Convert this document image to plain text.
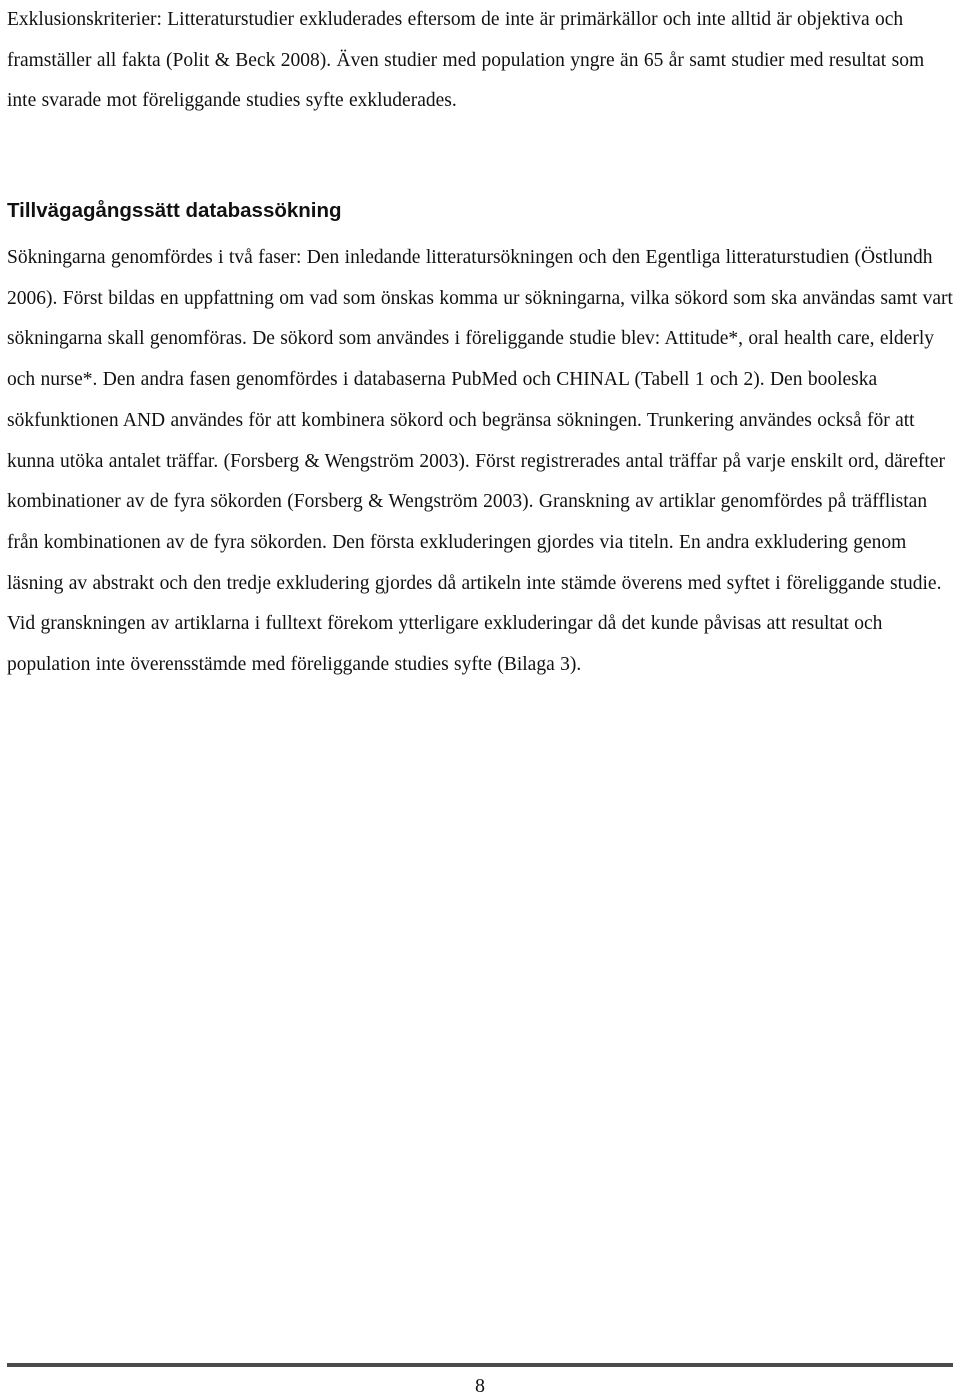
Exklusionskriterier: Litteraturstudier exkluderades eftersom de inte är primärkällor och inte alltid är objektiva och framställer all fakta (Polit & Beck 2008). Även studier med population yngre än 65 år samt studier med resultat som inte svarade mot föreliggande studies syfte exkluderades.

Tillvägagångssätt databassökning

Sökningarna genomfördes i två faser: Den inledande litteratursökningen och den Egentliga litteraturstudien (Östlundh 2006). Först bildas en uppfattning om vad som önskas komma ur sökningarna, vilka sökord som ska användas samt vart sökningarna skall genomföras. De sökord som användes i föreliggande studie blev: Attitude*, oral health care, elderly och nurse*. Den andra fasen genomfördes i databaserna PubMed och CHINAL (Tabell 1 och 2). Den booleska sökfunktionen AND användes för att kombinera sökord och begränsa sökningen. Trunkering användes också för att kunna utöka antalet träffar. (Forsberg & Wengström 2003). Först registrerades antal träffar på varje enskilt ord, därefter kombinationer av de fyra sökorden (Forsberg & Wengström 2003). Granskning av artiklar genomfördes på träfflistan från kombinationen av de fyra sökorden. Den första exkluderingen gjordes via titeln. En andra exkludering genom läsning av abstrakt och den tredje exkludering gjordes då artikeln inte stämde överens med syftet i föreliggande studie. Vid granskningen av artiklarna i fulltext förekom ytterligare exkluderingar då det kunde påvisas att resultat och population inte överensstämde med föreliggande studies syfte (Bilaga 3).

8
